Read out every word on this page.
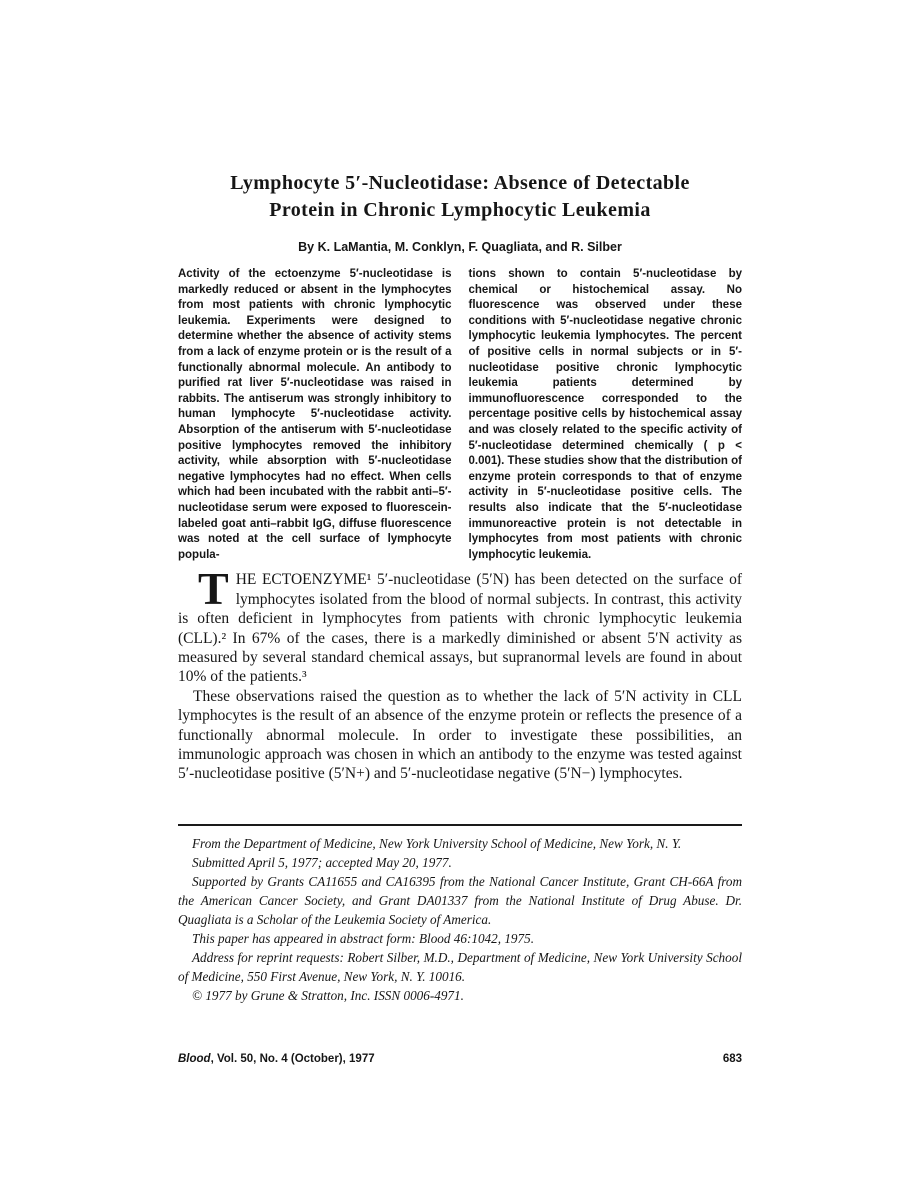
Lymphocyte 5′-Nucleotidase: Absence of Detectable
Protein in Chronic Lymphocytic Leukemia
By K. LaMantia, M. Conklyn, F. Quagliata, and R. Silber
Activity of the ectoenzyme 5′-nucleotidase is markedly reduced or absent in the lymphocytes from most patients with chronic lymphocytic leukemia. Experiments were designed to determine whether the absence of activity stems from a lack of enzyme protein or is the result of a functionally abnormal molecule. An antibody to purified rat liver 5′-nucleotidase was raised in rabbits. The antiserum was strongly inhibitory to human lymphocyte 5′-nucleotidase activity. Absorption of the antiserum with 5′-nucleotidase positive lymphocytes removed the inhibitory activity, while absorption with 5′-nucleotidase negative lymphocytes had no effect. When cells which had been incubated with the rabbit anti–5′-nucleotidase serum were exposed to fluorescein-labeled goat anti–rabbit IgG, diffuse fluorescence was noted at the cell surface of lymphocyte popula-
tions shown to contain 5′-nucleotidase by chemical or histochemical assay. No fluorescence was observed under these conditions with 5′-nucleotidase negative chronic lymphocytic leukemia lymphocytes. The percent of positive cells in normal subjects or in 5′-nucleotidase positive chronic lymphocytic leukemia patients determined by immunofluorescence corresponded to the percentage positive cells by histochemical assay and was closely related to the specific activity of 5′-nucleotidase determined chemically ( p < 0.001). These studies show that the distribution of enzyme protein corresponds to that of enzyme activity in 5′-nucleotidase positive cells. The results also indicate that the 5′-nucleotidase immunoreactive protein is not detectable in lymphocytes from most patients with chronic lymphocytic leukemia.

THE ECTOENZYME¹ 5′-nucleotidase (5′N) has been detected on the surface of lymphocytes isolated from the blood of normal subjects. In contrast, this activity is often deficient in lymphocytes from patients with chronic lymphocytic leukemia (CLL).² In 67% of the cases, there is a markedly diminished or absent 5′N activity as measured by several standard chemical assays, but supranormal levels are found in about 10% of the patients.³

These observations raised the question as to whether the lack of 5′N activity in CLL lymphocytes is the result of an absence of the enzyme protein or reflects the presence of a functionally abnormal molecule. In order to investigate these possibilities, an immunologic approach was chosen in which an antibody to the enzyme was tested against 5′-nucleotidase positive (5′N+) and 5′-nucleotidase negative (5′N−) lymphocytes.

From the Department of Medicine, New York University School of Medicine, New York, N. Y.

Submitted April 5, 1977; accepted May 20, 1977.

Supported by Grants CA11655 and CA16395 from the National Cancer Institute, Grant CH-66A from the American Cancer Society, and Grant DA01337 from the National Institute of Drug Abuse. Dr. Quagliata is a Scholar of the Leukemia Society of America.

This paper has appeared in abstract form: Blood 46:1042, 1975.

Address for reprint requests: Robert Silber, M.D., Department of Medicine, New York University School of Medicine, 550 First Avenue, New York, N. Y. 10016.

© 1977 by Grune & Stratton, Inc. ISSN 0006-4971.

Blood, Vol. 50, No. 4 (October), 1977	683
